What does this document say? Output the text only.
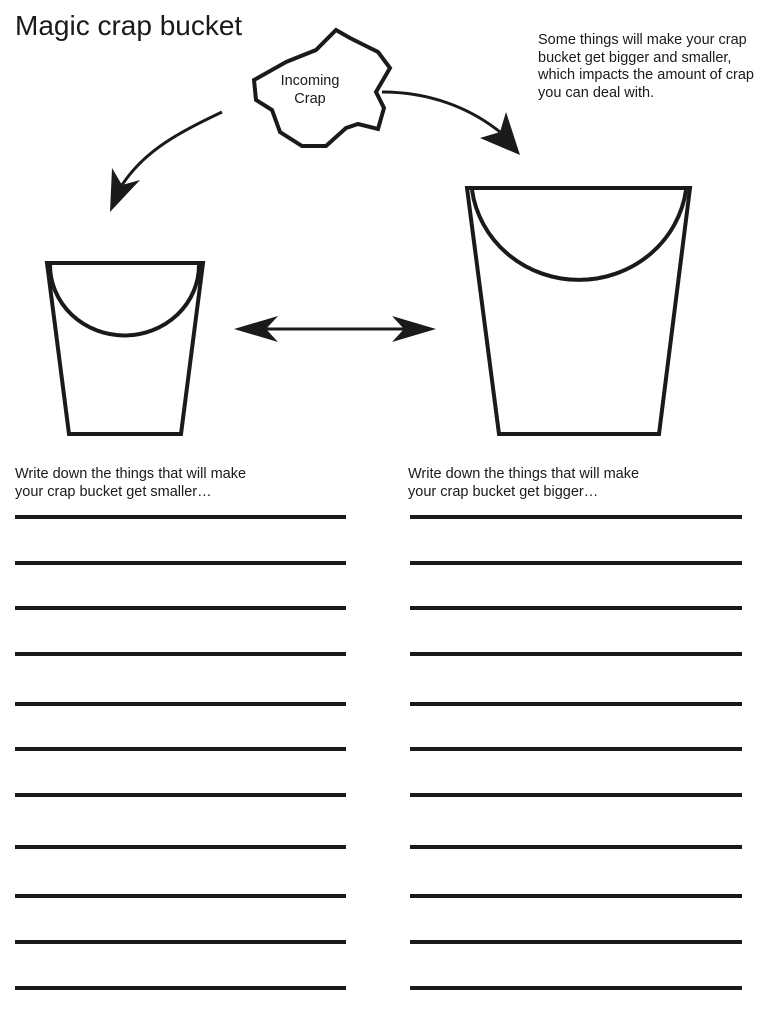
Magic crap bucket	Some things will make your crap bucket get bigger and smaller, which impacts the amount of crap you can deal with.

Incoming
Crap

Write down the things that will make
your crap bucket get smaller…

Write down the things that will make
your crap bucket get bigger…
